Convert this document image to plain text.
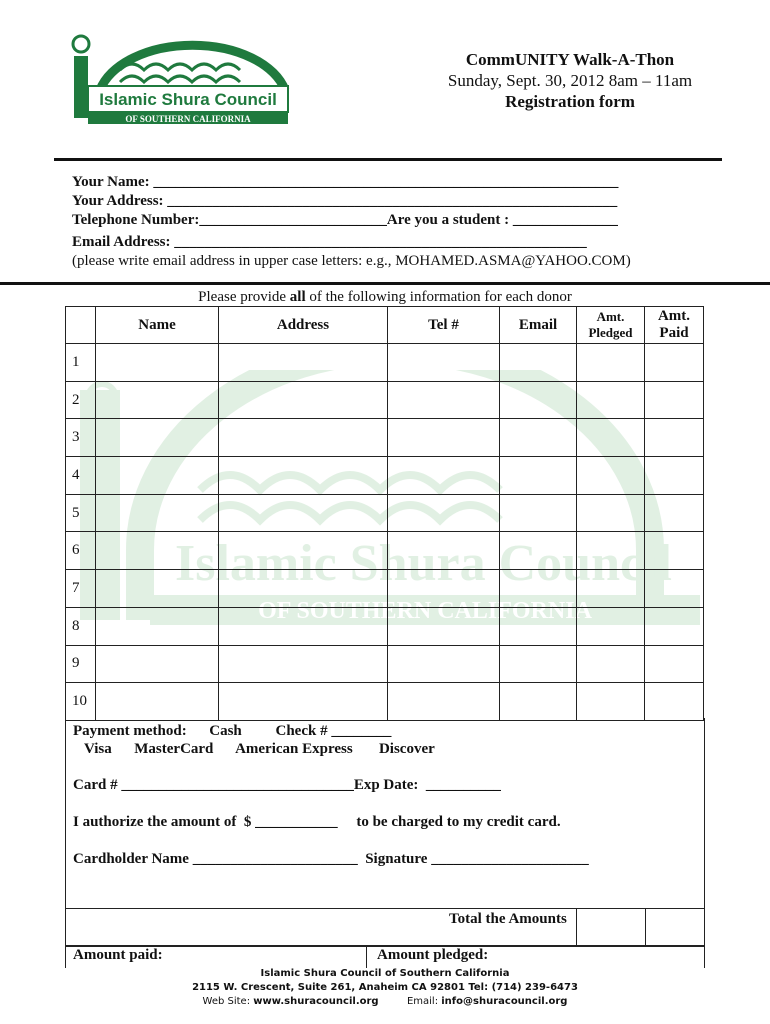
Islamic Shura Council
OF SOUTHERN CALIFORNIA
Islamic Shura Council
OF SOUTHERN CALIFORNIA
CommUNITY Walk-A-Thon
Sunday, Sept. 30, 2012 8am – 11am
Registration form
Your Name: ______________________________________________________________
Your Address: ____________________________________________________________
Telephone Number:_________________________Are you a student : ______________
Email Address: _______________________________________________________
(please write email address in upper case letters: e.g., MOHAMED.ASMA@YAHOO.COM)
Please provide all of the following information for each donor
	Name	Address	Tel #	Email	Amt. Pledged	Amt. Paid
1						
2						
3						
4						
5						
6						
7						
8						
9						
10						
Payment method:      Cash         Check # ________
Visa      MasterCard      American Express       Discover
Card # _______________________________Exp Date:  __________
I authorize the amount of  $ ___________     to be charged to my credit card.
Cardholder Name ______________________  Signature _____________________
Total the Amounts
Amount paid:	Amount pledged:
Islamic Shura Council of Southern California
2115 W. Crescent, Suite 261, Anaheim CA 92801 Tel: (714) 239-6473
Web Site: www.shuracouncil.org	Email: info@shuracouncil.org
